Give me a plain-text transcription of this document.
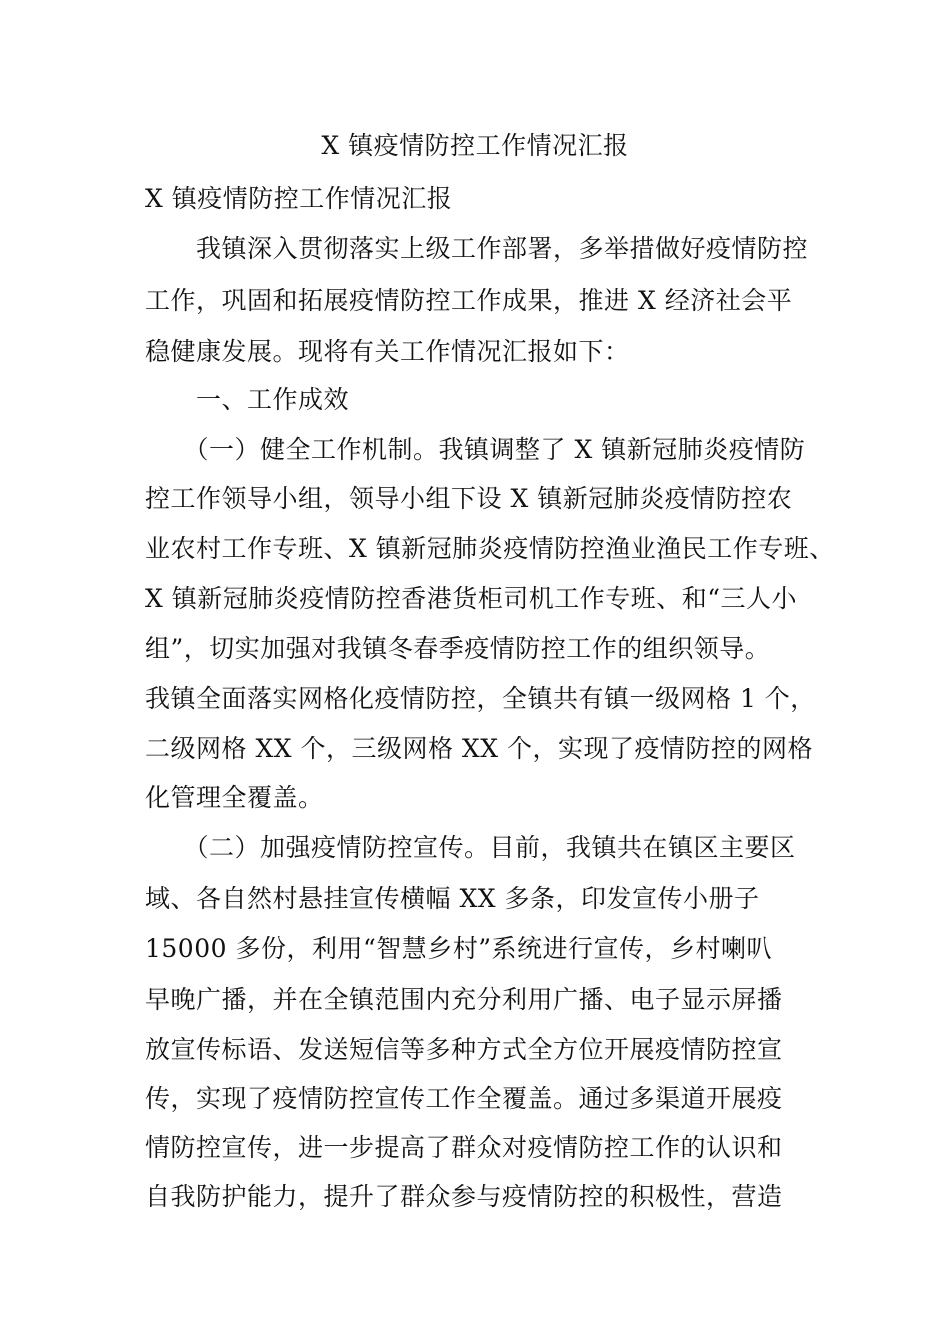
X 镇疫情防控工作情况汇报
X 镇疫情防控工作情况汇报
　　我镇深入贯彻落实上级工作部署，多举措做好疫情防控
工作，巩固和拓展疫情防控工作成果，推进 X 经济社会平
稳健康发展。现将有关工作情况汇报如下：
　　一、工作成效
　　（一）健全工作机制。我镇调整了 X 镇新冠肺炎疫情防
控工作领导小组，领导小组下设 X 镇新冠肺炎疫情防控农
业农村工作专班、X 镇新冠肺炎疫情防控渔业渔民工作专班、
X 镇新冠肺炎疫情防控香港货柜司机工作专班、和“三人小
组”，切实加强对我镇冬春季疫情防控工作的组织领导。
我镇全面落实网格化疫情防控，全镇共有镇一级网格 1 个，
二级网格 XX 个，三级网格 XX 个，实现了疫情防控的网格
化管理全覆盖。
　　（二）加强疫情防控宣传。目前，我镇共在镇区主要区
域、各自然村悬挂宣传横幅 XX 多条，印发宣传小册子
15000 多份，利用“智慧乡村”系统进行宣传，乡村喇叭
早晚广播，并在全镇范围内充分利用广播、电子显示屏播
放宣传标语、发送短信等多种方式全方位开展疫情防控宣
传，实现了疫情防控宣传工作全覆盖。通过多渠道开展疫
情防控宣传，进一步提高了群众对疫情防控工作的认识和
自我防护能力，提升了群众参与疫情防控的积极性，营造
